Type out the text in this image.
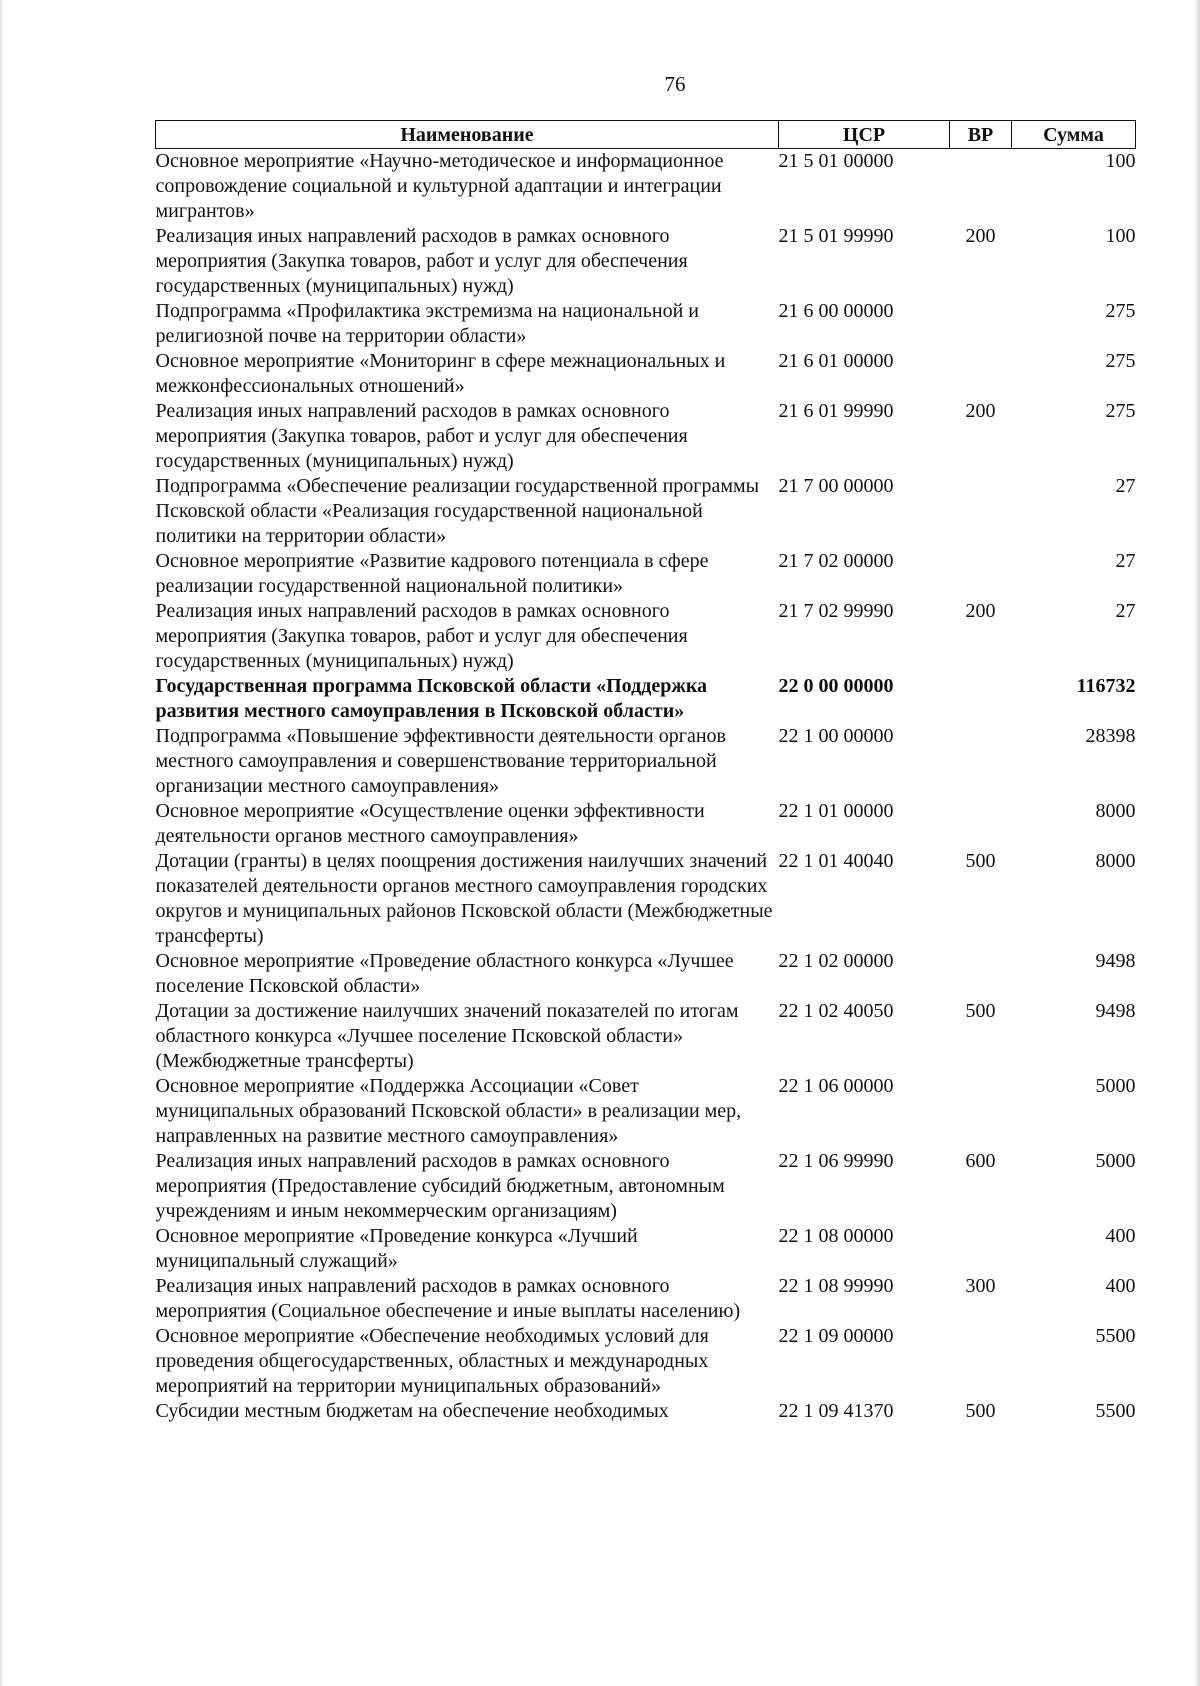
76
Наименование	ЦСР	ВР	Сумма
Основное мероприятие «Научно-методическое и информационное сопровождение социальной и культурной адаптации и интеграции мигрантов»	21 5 01 00000		100
Реализация иных направлений расходов в рамках основного мероприятия (Закупка товаров, работ и услуг для обеспечения государственных (муниципальных) нужд)	21 5 01 99990	200	100
Подпрограмма «Профилактика экстремизма на национальной и религиозной почве на территории области»	21 6 00 00000		275
Основное мероприятие «Мониторинг в сфере межнациональных и межконфессиональных отношений»	21 6 01 00000		275
Реализация иных направлений расходов в рамках основного мероприятия (Закупка товаров, работ и услуг для обеспечения государственных (муниципальных) нужд)	21 6 01 99990	200	275
Подпрограмма «Обеспечение реализации государственной программы Псковской области «Реализация государственной национальной политики на территории области»	21 7 00 00000		27
Основное мероприятие «Развитие кадрового потенциала в сфере реализации государственной национальной политики»	21 7 02 00000		27
Реализация иных направлений расходов в рамках основного мероприятия (Закупка товаров, работ и услуг для обеспечения государственных (муниципальных) нужд)	21 7 02 99990	200	27
Государственная программа Псковской области «Поддержка развития местного самоуправления в Псковской области»	22 0 00 00000		116732
Подпрограмма «Повышение эффективности деятельности органов местного самоуправления и совершенствование территориальной организации местного самоуправления»	22 1 00 00000		28398
Основное мероприятие «Осуществление оценки эффективности деятельности органов местного самоуправления»	22 1 01 00000		8000
Дотации (гранты) в целях поощрения достижения наилучших значений показателей деятельности органов местного самоуправления городских округов и муниципальных районов Псковской области (Межбюджетные трансферты)	22 1 01 40040	500	8000
Основное мероприятие «Проведение областного конкурса «Лучшее поселение Псковской области»	22 1 02 00000		9498
Дотации за достижение наилучших значений показателей по итогам областного конкурса «Лучшее поселение Псковской области» (Межбюджетные трансферты)	22 1 02 40050	500	9498
Основное мероприятие «Поддержка Ассоциации «Совет муниципальных образований Псковской области» в реализации мер, направленных на развитие местного самоуправления»	22 1 06 00000		5000
Реализация иных направлений расходов в рамках основного мероприятия (Предоставление субсидий бюджетным, автономным учреждениям и иным некоммерческим организациям)	22 1 06 99990	600	5000
Основное мероприятие «Проведение конкурса «Лучший муниципальный служащий»	22 1 08 00000		400
Реализация иных направлений расходов в рамках основного мероприятия (Социальное обеспечение и иные выплаты населению)	22 1 08 99990	300	400
Основное мероприятие «Обеспечение необходимых условий для проведения общегосударственных, областных и международных мероприятий на территории муниципальных образований»	22 1 09 00000		5500
Субсидии местным бюджетам на обеспечение необходимых	22 1 09 41370	500	5500
